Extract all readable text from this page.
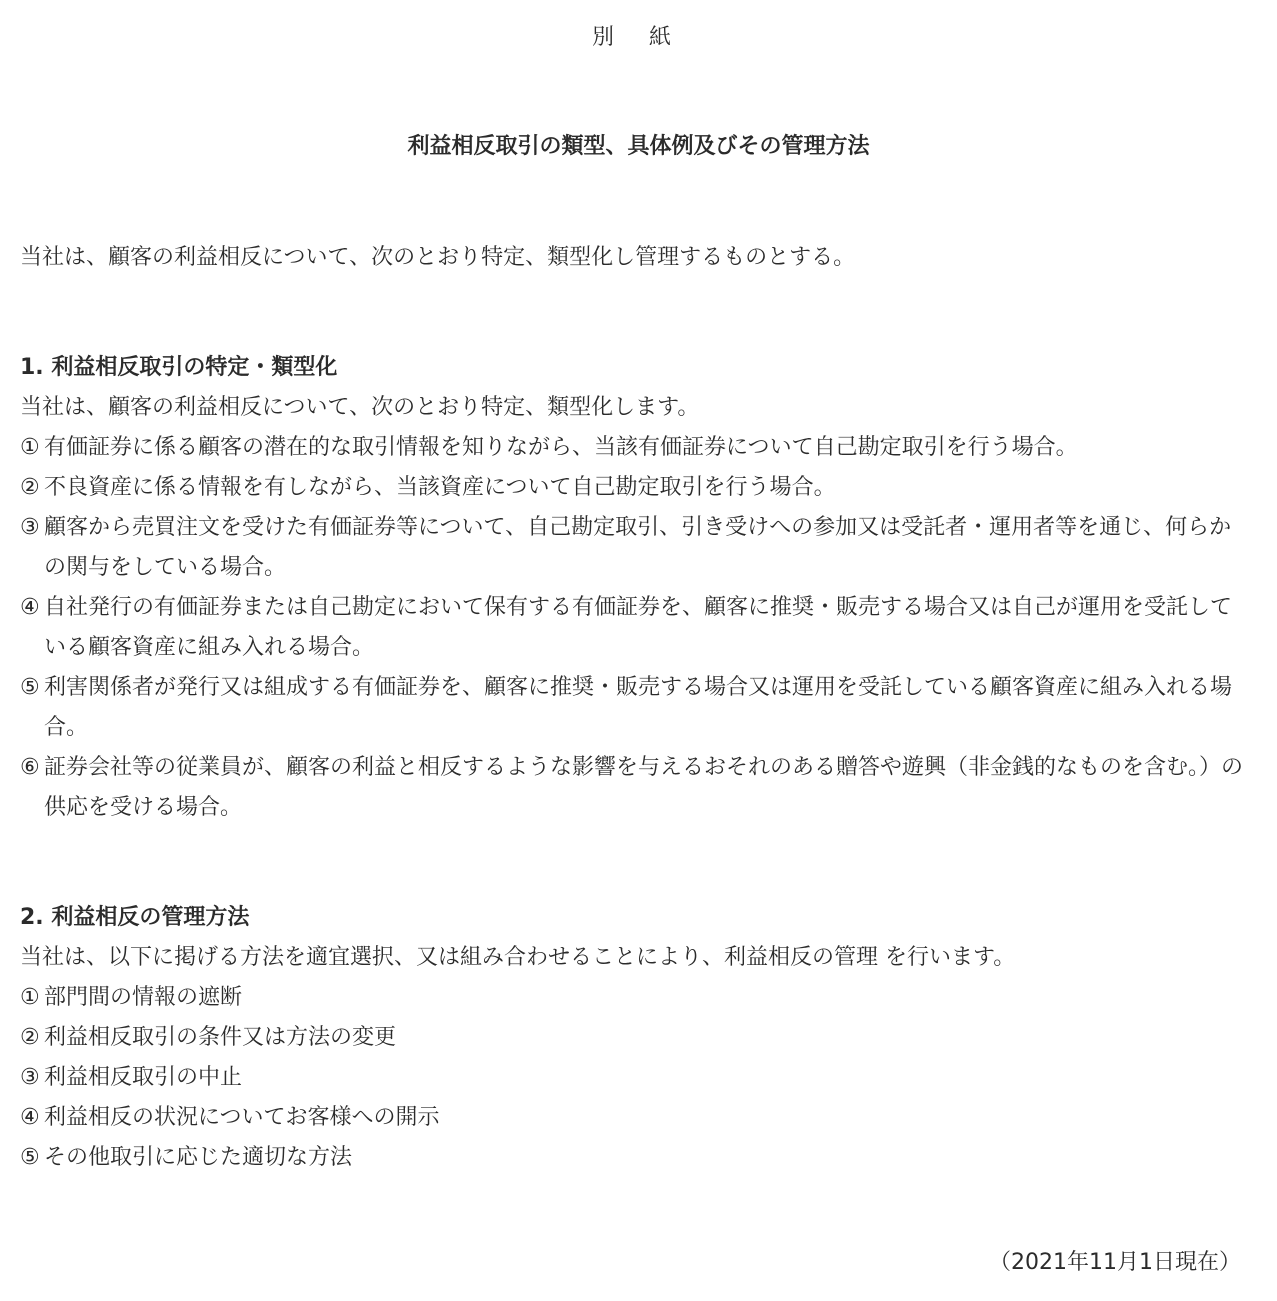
別 紙
利益相反取引の類型、具体例及びその管理方法
当社は、顧客の利益相反について、次のとおり特定、類型化し管理するものとする。
1. 利益相反取引の特定・類型化
当社は、顧客の利益相反について、次のとおり特定、類型化します。
① 有価証券に係る顧客の潜在的な取引情報を知りながら、当該有価証券について自己勘定取引を行う場合。
② 不良資産に係る情報を有しながら、当該資産について自己勘定取引を行う場合。
③ 顧客から売買注文を受けた有価証券等について、自己勘定取引、引き受けへの参加又は受託者・運用者等を通じ、何らかの関与をしている場合。
④ 自社発行の有価証券または自己勘定において保有する有価証券を、顧客に推奨・販売する場合又は自己が運用を受託している顧客資産に組み入れる場合。
⑤ 利害関係者が発行又は組成する有価証券を、顧客に推奨・販売する場合又は運用を受託している顧客資産に組み入れる場合。
⑥ 証券会社等の従業員が、顧客の利益と相反するような影響を与えるおそれのある贈答や遊興（非金銭的なものを含む。）の供応を受ける場合。
2. 利益相反の管理方法
当社は、以下に掲げる方法を適宜選択、又は組み合わせることにより、利益相反の管理 を行います。
① 部門間の情報の遮断
② 利益相反取引の条件又は方法の変更
③ 利益相反取引の中止
④ 利益相反の状況についてお客様への開示
⑤ その他取引に応じた適切な方法
（2021年11月1日現在）
